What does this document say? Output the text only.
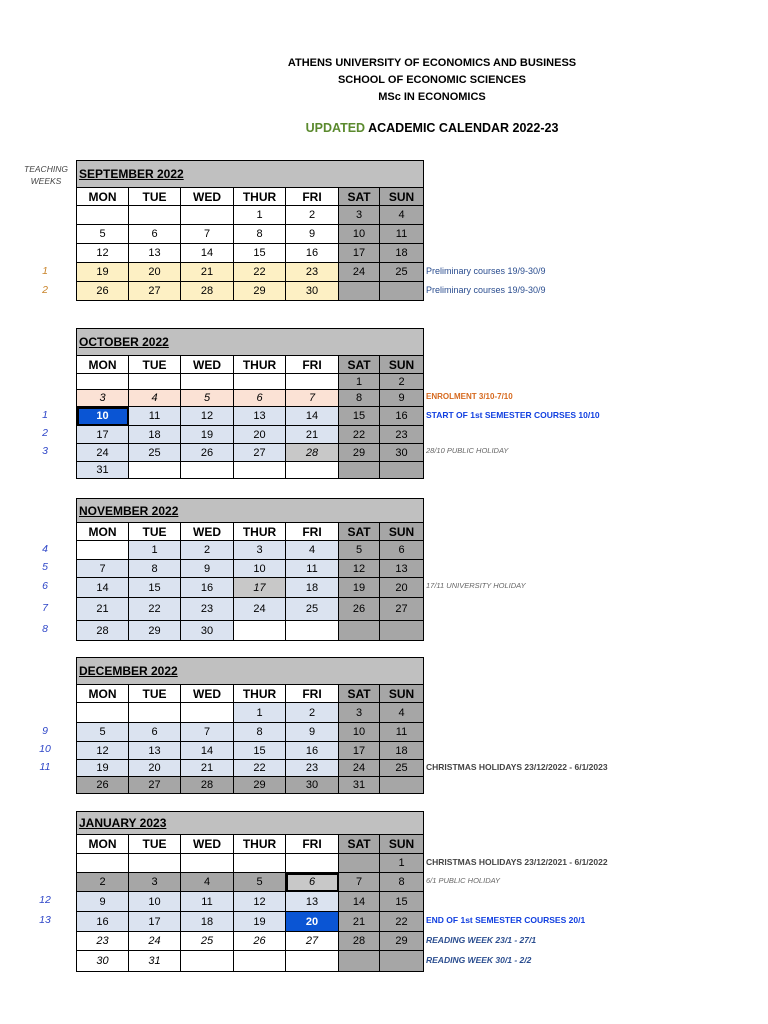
ATHENS UNIVERSITY OF ECONOMICS AND BUSINESS
SCHOOL OF ECONOMIC SCIENCES
MSc IN ECONOMICS
UPDATED ACADEMIC CALENDAR 2022-23
TEACHING
WEEKS
1	Preliminary courses 19/9-30/9
2	Preliminary courses 19/9-30/9
SEPTEMBER 2022						
MON	TUE	WED	THUR	FRI	SAT	SUN
			1	2	3	4
5	6	7	8	9	10	11
12	13	14	15	16	17	18
19	20	21	22	23	24	25
26	27	28	29	30		
ENROLMENT 3/10-7/10
1	START OF 1st SEMESTER COURSES 10/10
2
3	28/10 PUBLIC HOLIDAY
OCTOBER 2022						
MON	TUE	WED	THUR	FRI	SAT	SUN
					1	2
3	4	5	6	7	8	9
10	11	12	13	14	15	16
17	18	19	20	21	22	23
24	25	26	27	28	29	30
31						
4
5
6	17/11 UNIVERSITY HOLIDAY
7
8
NOVEMBER 2022						
MON	TUE	WED	THUR	FRI	SAT	SUN
	1	2	3	4	5	6
7	8	9	10	11	12	13
14	15	16	17	18	19	20
21	22	23	24	25	26	27
28	29	30				
9
10
11	CHRISTMAS HOLIDAYS 23/12/2022 - 6/1/2023
DECEMBER 2022						
MON	TUE	WED	THUR	FRI	SAT	SUN
			1	2	3	4
5	6	7	8	9	10	11
12	13	14	15	16	17	18
19	20	21	22	23	24	25
26	27	28	29	30	31	
CHRISTMAS HOLIDAYS 23/12/2021 - 6/1/2022
6/1 PUBLIC HOLIDAY
12
13	END OF 1st SEMESTER COURSES 20/1
READING WEEK 23/1 - 27/1
READING WEEK 30/1 - 2/2
JANUARY 2023						
MON	TUE	WED	THUR	FRI	SAT	SUN
						1
2	3	4	5	6	7	8
9	10	11	12	13	14	15
16	17	18	19	20	21	22
23	24	25	26	27	28	29
30	31					
